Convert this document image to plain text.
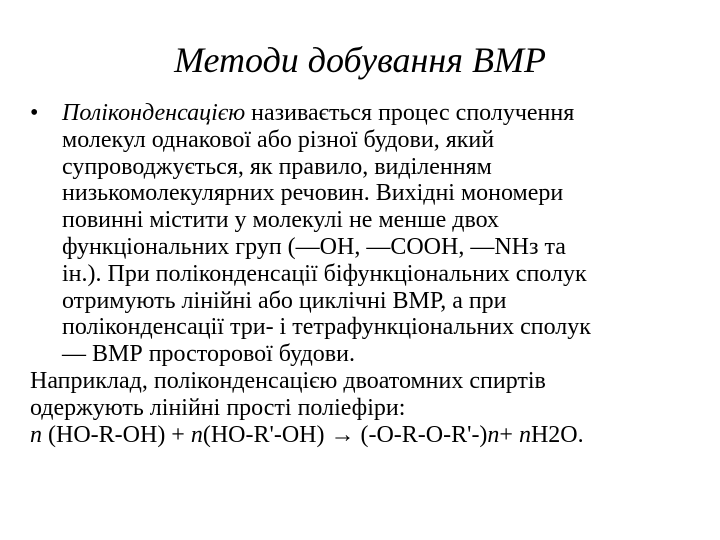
Методи добування ВМР
• Поліконденсацією називається процес сполучення
молекул однакової або різної будови, який
супроводжується, як правило, виділенням
низькомолекулярних речовин. Вихідні мономери
повинні містити у молекулі не менше двох
функціональних груп (—OН, —СООН, —NНз та
ін.). При поліконденсації біфункціональних сполук
отримують лінійні або циклічні ВМР, а при
поліконденсації три- і тетрафункціональних сполук
— ВМР просторової будови.
Наприклад, поліконденсацією двоатомних спиртів
одержують лінійні прості поліефіри:
n (HO-R-OH) + n(HO-R'-OH) → (-O-R-O-R'-)n+ nH2O.
